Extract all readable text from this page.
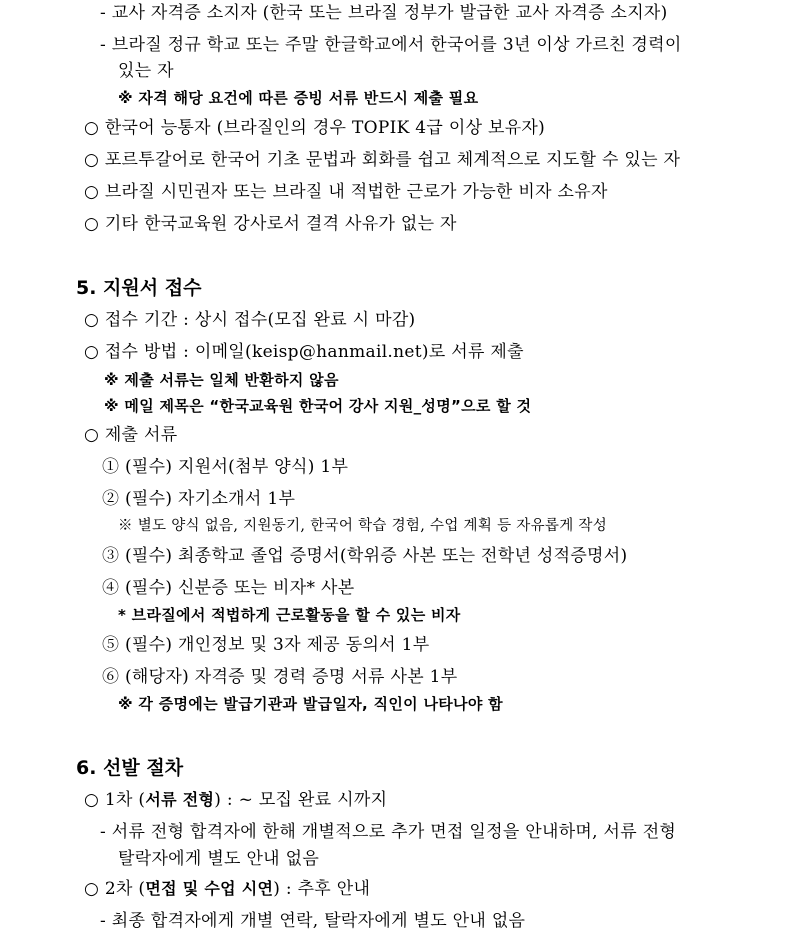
- 교사 자격증 소지자 (한국 또는 브라질 정부가 발급한 교사 자격증 소지자)
- 브라질 정규 학교 또는 주말 한글학교에서 한국어를 3년 이상 가르친 경력이
있는 자
※ 자격 해당 요건에 따른 증빙 서류 반드시 제출 필요
○ 한국어 능통자 (브라질인의 경우 TOPIK 4급 이상 보유자)
○ 포르투갈어로 한국어 기초 문법과 회화를 쉽고 체계적으로 지도할 수 있는 자
○ 브라질 시민권자 또는 브라질 내 적법한 근로가 가능한 비자 소유자
○ 기타 한국교육원 강사로서 결격 사유가 없는 자
5. 지원서 접수
○ 접수 기간 : 상시 접수(모집 완료 시 마감)
○ 접수 방법 : 이메일(keisp@hanmail.net)로 서류 제출
※ 제출 서류는 일체 반환하지 않음
※ 메일 제목은 “한국교육원 한국어 강사 지원_성명”으로 할 것
○ 제출 서류
① (필수) 지원서(첨부 양식) 1부
② (필수) 자기소개서 1부
※ 별도 양식 없음, 지원동기, 한국어 학습 경험, 수업 계획 등 자유롭게 작성
③ (필수) 최종학교 졸업 증명서(학위증 사본 또는 전학년 성적증명서)
④ (필수) 신분증 또는 비자* 사본
* 브라질에서 적법하게 근로활동을 할 수 있는 비자
⑤ (필수) 개인정보 및 3자 제공 동의서 1부
⑥ (해당자) 자격증 및 경력 증명 서류 사본 1부
※ 각 증명에는 발급기관과 발급일자, 직인이 나타나야 함
6. 선발 절차
○ 1차 (서류 전형) : ~ 모집 완료 시까지
- 서류 전형 합격자에 한해 개별적으로 추가 면접 일정을 안내하며, 서류 전형
탈락자에게 별도 안내 없음
○ 2차 (면접 및 수업 시연) : 추후 안내
- 최종 합격자에게 개별 연락, 탈락자에게 별도 안내 없음
